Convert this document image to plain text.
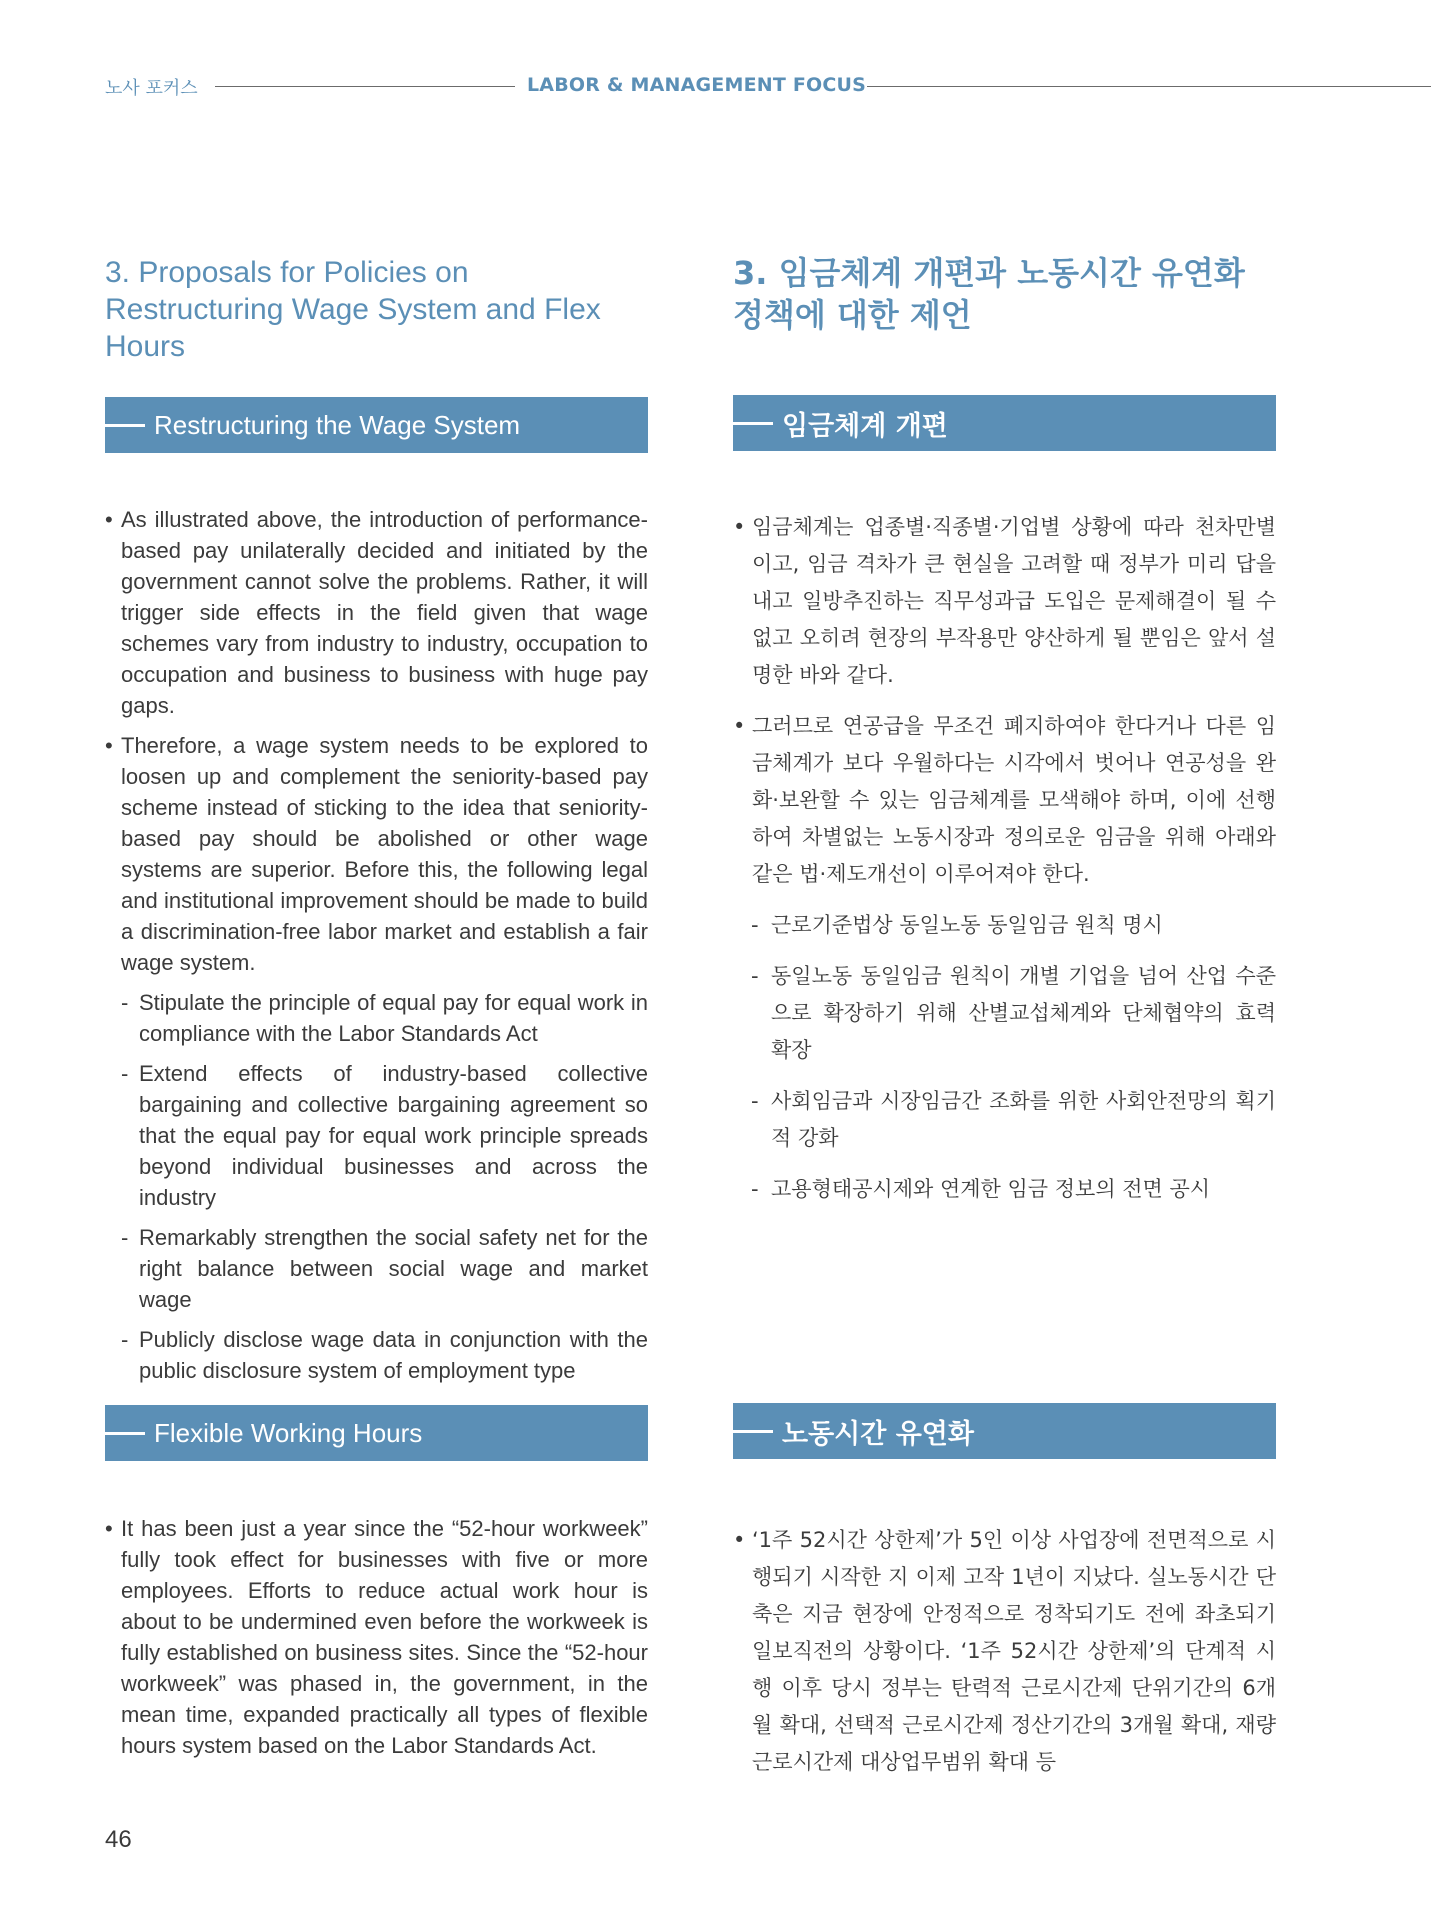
노사 포커스	LABOR & MANAGEMENT FOCUS
3. Proposals for Policies on Restructuring Wage System and Flex Hours
Restructuring the Wage System
• As illustrated above, the introduction of performance-based pay unilaterally decided and initiated by the government cannot solve the problems. Rather, it will trigger side effects in the field given that wage schemes vary from industry to industry, occupation to occupation and business to business with huge pay gaps.
• Therefore, a wage system needs to be explored to loosen up and complement the seniority-based pay scheme instead of sticking to the idea that seniority-based pay should be abolished or other wage systems are superior. Before this, the following legal and institutional improvement should be made to build a discrimination-free labor market and establish a fair wage system.
- Stipulate the principle of equal pay for equal work in compliance with the Labor Standards Act
- Extend effects of industry-based collective bargaining and collective bargaining agreement so that the equal pay for equal work principle spreads beyond individual businesses and across the industry
- Remarkably strengthen the social safety net for the right balance between social wage and market wage
- Publicly disclose wage data in conjunction with the public disclosure system of employment type
Flexible Working Hours
• It has been just a year since the “52-hour workweek” fully took effect for businesses with five or more employees. Efforts to reduce actual work hour is about to be undermined even before the workweek is fully established on business sites. Since the “52-hour workweek” was phased in, the government, in the mean time, expanded practically all types of flexible hours system based on the Labor Standards Act.
3. 임금체계 개편과 노동시간 유연화 정책에 대한 제언
임금체계 개편
• 임금체계는 업종별·직종별·기업별 상황에 따라 천차만별이고, 임금 격차가 큰 현실을 고려할 때 정부가 미리 답을 내고 일방추진하는 직무성과급 도입은 문제해결이 될 수 없고 오히려 현장의 부작용만 양산하게 될 뿐임은 앞서 설명한 바와 같다.
• 그러므로 연공급을 무조건 폐지하여야 한다거나 다른 임금체계가 보다 우월하다는 시각에서 벗어나 연공성을 완화·보완할 수 있는 임금체계를 모색해야 하며, 이에 선행하여 차별없는 노동시장과 정의로운 임금을 위해 아래와 같은 법·제도개선이 이루어져야 한다.
- 근로기준법상 동일노동 동일임금 원칙 명시
- 동일노동 동일임금 원칙이 개별 기업을 넘어 산업 수준으로 확장하기 위해 산별교섭체계와 단체협약의 효력 확장
- 사회임금과 시장임금간 조화를 위한 사회안전망의 획기적 강화
- 고용형태공시제와 연계한 임금 정보의 전면 공시
노동시간 유연화
• ‘1주 52시간 상한제’가 5인 이상 사업장에 전면적으로 시행되기 시작한 지 이제 고작 1년이 지났다. 실노동시간 단축은 지금 현장에 안정적으로 정착되기도 전에 좌초되기 일보직전의 상황이다. ‘1주 52시간 상한제’의 단계적 시행 이후 당시 정부는 탄력적 근로시간제 단위기간의 6개월 확대, 선택적 근로시간제 정산기간의 3개월 확대, 재량근로시간제 대상업무범위 확대 등
46
